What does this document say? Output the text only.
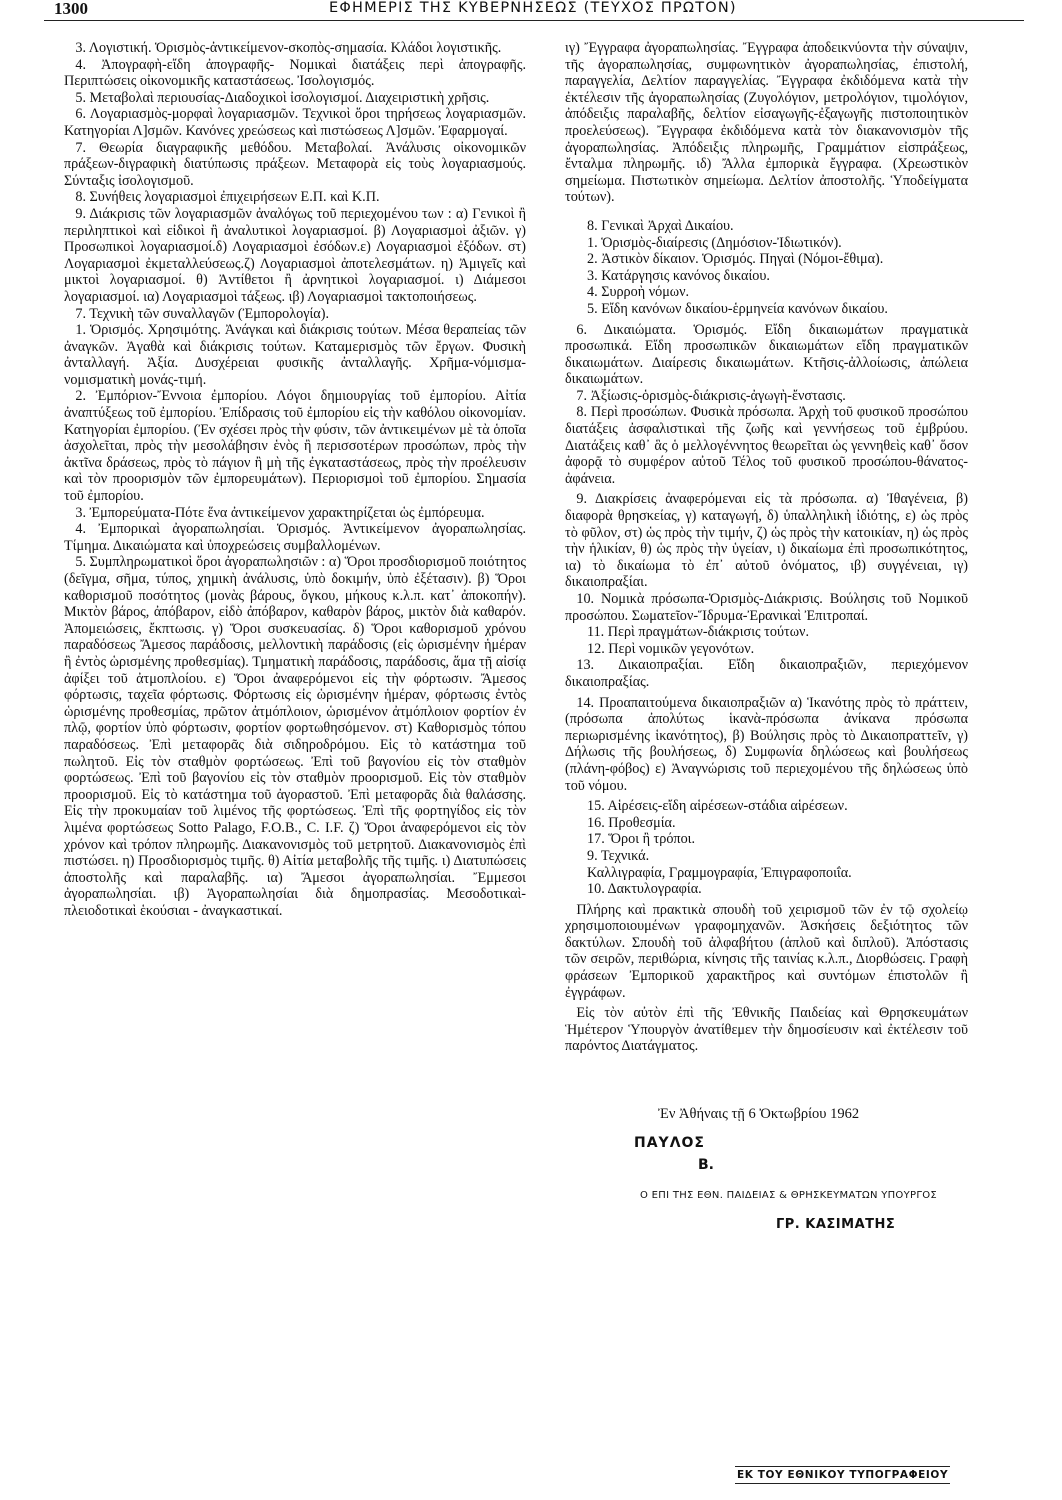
1300	ΕΦΗΜΕΡΙΣ ΤΗΣ ΚΥΒΕΡΝΗΣΕΩΣ (ΤΕΥΧΟΣ ΠΡΩΤΟΝ)

3. Λογιστική. Ὁρισμὸς-ἀντικείμενον-σκοπὸς-σημασία. Κλάδοι λογιστικῆς.

4. Ἀπογραφὴ-εἴδη ἀπογραφῆς- Νομικαὶ διατάξεις περὶ ἀπογραφῆς. Περιπτώσεις οἰκονομικῆς καταστάσεως. Ἰσολογισμός.

5. Μεταβολαὶ περιουσίας-Διαδοχικοὶ ἰσολογισμοί. Διαχειριστικὴ χρῆσις.

6. Λογαριασμὸς-μορφαὶ λογαριασμῶν. Τεχνικοὶ ὅροι τηρήσεως λογαριασμῶν. Κατηγορίαι Λ]σμῶν. Κανόνες χρεώσεως καὶ πιστώσεως Λ]σμῶν. Ἐφαρμογαί.

7. Θεωρία διαγραφικῆς μεθόδου. Μεταβολαί. Ἀνάλυσις οἰκονομικῶν πράξεων-διγραφικὴ διατύπωσις πράξεων. Μεταφορὰ εἰς τοὺς λογαριασμούς. Σύνταξις ἰσολογισμοῦ.

8. Συνήθεις λογαριασμοὶ ἐπιχειρήσεων Ε.Π. καὶ Κ.Π.

9. Διάκρισις τῶν λογαριασμῶν ἀναλόγως τοῦ περιεχομένου των : α) Γενικοὶ ἢ περιληπτικοὶ καὶ εἰδικοὶ ἢ ἀναλυτικοὶ λογαριασμοί. β) Λογαριασμοὶ ἀξιῶν. γ) Προσωπικοὶ λογαριασμοί.δ) Λογαριασμοὶ ἐσόδων.ε) Λογαριασμοὶ ἐξόδων. στ) Λογαριασμοὶ ἐκμεταλλεύσεως.ζ) Λογαριασμοὶ ἀποτελεσμάτων. η) Ἀμιγεῖς καὶ μικτοὶ λογαριασμοί. θ) Ἀντίθετοι ἢ ἀρνητικοὶ λογαριασμοί. ι) Διάμεσοι λογαριασμοί. ια) Λογαριασμοὶ τάξεως. ιβ) Λογαριασμοὶ τακτοποιήσεως.

7. Τεχνικὴ τῶν συναλλαγῶν (Ἐμπορολογία).

1. Ὁρισμός. Χρησιμότης. Ἀνάγκαι καὶ διάκρισις τούτων. Μέσα θεραπείας τῶν ἀναγκῶν. Ἀγαθὰ καὶ διάκρισις τούτων. Καταμερισμὸς τῶν ἔργων. Φυσικὴ ἀνταλλαγή. Ἀξία. Δυσχέρειαι φυσικῆς ἀνταλλαγῆς. Χρῆμα-νόμισμα-νομισματικὴ μονάς-τιμή.

2. Ἐμπόριον-Ἔννοια ἐμπορίου. Λόγοι δημιουργίας τοῦ ἐμπορίου. Αἰτία ἀναπτύξεως τοῦ ἐμπορίου. Ἐπίδρασις τοῦ ἐμπορίου εἰς τὴν καθόλου οἰκονομίαν. Κατηγορίαι ἐμπορίου. (Ἐν σχέσει πρὸς τὴν φύσιν, τῶν ἀντικειμένων μὲ τὰ ὁποῖα ἀσχολεῖται, πρὸς τὴν μεσολάβησιν ἑνὸς ἢ περισσοτέρων προσώπων, πρὸς τὴν ἀκτῖνα δράσεως, πρὸς τὸ πάγιον ἢ μὴ τῆς ἐγκαταστάσεως, πρὸς τὴν προέλευσιν καὶ τὸν προορισμὸν τῶν ἐμπορευμάτων). Περιορισμοὶ τοῦ ἐμπορίου. Σημασία τοῦ ἐμπορίου.

3. Ἐμπορεύματα-Πότε ἕνα ἀντικείμενον χαρακτηρίζεται ὡς ἐμπόρευμα.

4. Ἐμπορικαὶ ἀγοραπωλησίαι. Ὁρισμός. Ἀντικείμενον ἀγοραπωλησίας. Τίμημα. Δικαιώματα καὶ ὑποχρεώσεις συμβαλλομένων.

5. Συμπληρωματικοὶ ὅροι ἀγοραπωλησιῶν : α) Ὅροι προσδιορισμοῦ ποιότητος (δεῖγμα, σῆμα, τύπος, χημικὴ ἀνάλυσις, ὑπὸ δοκιμήν, ὑπὸ ἐξέτασιν). β) Ὅροι καθορισμοῦ ποσότητος (μονὰς βάρους, ὄγκου, μήκους κ.λ.π. κατ᾽ ἀποκοπήν). Μικτὸν βάρος, ἀπόβαρον, εἰδὸ ἀπόβαρον, καθαρὸν βάρος, μικτὸν διὰ καθαρόν. Ἀπομειώσεις, ἔκπτωσις. γ) Ὅροι συσκευασίας. δ) Ὅροι καθορισμοῦ χρόνου παραδόσεως Ἄμεσος παράδοσις, μελλοντικὴ παράδοσις (εἰς ὡρισμένην ἡμέραν ἢ ἐντὸς ὡρισμένης προθεσμίας). Τμηματικὴ παράδοσις, παράδοσις, ἅμα τῇ αἰσίᾳ ἀφίξει τοῦ ἀτμοπλοίου. ε) Ὅροι ἀναφερόμενοι εἰς τὴν φόρτωσιν. Ἄμεσος φόρτωσις, ταχεῖα φόρτωσις. Φόρτωσις εἰς ὡρισμένην ἡμέραν, φόρτωσις ἐντὸς ὡρισμένης προθεσμίας, πρῶτον ἀτμόπλοιον, ὡρισμένον ἀτμόπλοιον φορτίον ἐν πλῷ, φορτίον ὑπὸ φόρτωσιν, φορτίον φορτωθησόμενον. στ) Καθορισμὸς τόπου παραδόσεως. Ἐπὶ μεταφορᾶς διὰ σιδηροδρόμου. Εἰς τὸ κατάστημα τοῦ πωλητοῦ. Εἰς τὸν σταθμὸν φορτώσεως. Ἐπὶ τοῦ βαγονίου εἰς τὸν σταθμὸν φορτώσεως. Ἐπὶ τοῦ βαγονίου εἰς τὸν σταθμὸν προορισμοῦ. Εἰς τὸν σταθμὸν προορισμοῦ. Εἰς τὸ κατάστημα τοῦ ἀγοραστοῦ. Ἐπὶ μεταφορᾶς διὰ θαλάσσης. Εἰς τὴν προκυμαίαν τοῦ λιμένος τῆς φορτώσεως. Ἐπὶ τῆς φορτηγίδος εἰς τὸν λιμένα φορτώσεως Sotto Palago, F.O.B., C. I.F. ζ) Ὅροι ἀναφερόμενοι εἰς τὸν χρόνον καὶ τρόπον πληρωμῆς. Διακανονισμὸς τοῦ μετρητοῦ. Διακανονισμὸς ἐπὶ πιστώσει. η) Προσδιορισμὸς τιμῆς. θ) Αἰτία μεταβολῆς τῆς τιμῆς. ι) Διατυπώσεις ἀποστολῆς καὶ παραλαβῆς. ια) Ἄμεσοι ἀγοραπωλησίαι. Ἔμμεσοι ἀγοραπωλησίαι. ιβ) Ἀγοραπωλησίαι διὰ δημοπρασίας. Μεσοδοτικαὶ-πλειοδοτικαὶ ἑκούσιαι - ἀναγκαστικαί.

ιγ) Ἔγγραφα ἀγοραπωλησίας. Ἔγγραφα ἀποδεικνύοντα τὴν σύναψιν, τῆς ἀγοραπωλησίας, συμφωνητικὸν ἀγοραπωλησίας, ἐπιστολή, παραγγελία, Δελτίον παραγγελίας. Ἔγγραφα ἐκδιδόμενα κατὰ τὴν ἐκτέλεσιν τῆς ἀγοραπωλησίας (Ζυγολόγιον, μετρολόγιον, τιμολόγιον, ἀπόδειξις παραλαβῆς, δελτίον εἰσαγωγῆς-ἐξαγωγῆς πιστοποιητικὸν προελεύσεως). Ἔγγραφα ἐκδιδόμενα κατὰ τὸν διακανονισμὸν τῆς ἀγοραπωλησίας. Ἀπόδειξις πληρωμῆς, Γραμμάτιον εἰσπράξεως, ἔνταλμα πληρωμῆς. ιδ) Ἄλλα ἐμπορικὰ ἔγγραφα. (Χρεωστικὸν σημείωμα. Πιστωτικὸν σημείωμα. Δελτίον ἀποστολῆς. Ὑποδείγματα τούτων).

8. Γενικαὶ Ἀρχαὶ Δικαίου.

1. Ὁρισμὸς-διαίρεσις (Δημόσιον-Ἰδιωτικόν).

2. Ἀστικὸν δίκαιον. Ὁρισμός. Πηγαὶ (Νόμοι-ἔθιμα).

3. Κατάργησις κανόνος δικαίου.

4. Συρροὴ νόμων.

5. Εἴδη κανόνων δικαίου-ἑρμηνεία κανόνων δικαίου.

6. Δικαιώματα. Ὁρισμός. Εἴδη δικαιωμάτων πραγματικὰ προσωπικά. Εἴδη προσωπικῶν δικαιωμάτων εἴδη πραγματικῶν δικαιωμάτων. Διαίρεσις δικαιωμάτων. Κτῆσις-ἀλλοίωσις, ἀπώλεια δικαιωμάτων.

7. Ἀξίωσις-ὁρισμὸς-διάκρισις-ἀγωγὴ-ἔνστασις.

8. Περὶ προσώπων. Φυσικὰ πρόσωπα. Ἀρχὴ τοῦ φυσικοῦ προσώπου διατάξεις ἀσφαλιστικαὶ τῆς ζωῆς καὶ γεννήσεως τοῦ ἐμβρύου. Διατάξεις καθ᾽ ἃς ὁ μελλογέννητος θεωρεῖται ὡς γεννηθεὶς καθ᾽ ὅσον ἀφορᾷ τὸ συμφέρον αὐτοῦ Τέλος τοῦ φυσικοῦ προσώπου-θάνατος-ἀφάνεια.

9. Διακρίσεις ἀναφερόμεναι εἰς τὰ πρόσωπα. α) Ἰθαγένεια, β) διαφορὰ θρησκείας, γ) καταγωγή, δ) ὑπαλληλικὴ ἰδιότης, ε) ὡς πρὸς τὸ φῦλον, στ) ὡς πρὸς τὴν τιμήν, ζ) ὡς πρὸς τὴν κατοικίαν, η) ὡς πρὸς τὴν ἡλικίαν, θ) ὡς πρὸς τὴν ὑγείαν, ι) δικαίωμα ἐπὶ προσωπικότητος, ια) τὸ δικαίωμα τὸ ἐπ᾽ αὐτοῦ ὀνόματος, ιβ) συγγένειαι, ιγ) δικαιοπραξίαι.

10. Νομικὰ πρόσωπα-Ὁρισμὸς-Διάκρισις. Βούλησις τοῦ Νομικοῦ προσώπου. Σωματεῖον-Ἵδρυμα-Ἐρανικαὶ Ἐπιτροπαί.

11. Περὶ πραγμάτων-διάκρισις τούτων.

12. Περὶ νομικῶν γεγονότων.

13. Δικαιοπραξίαι. Εἴδη δικαιοπραξιῶν, περιεχόμενον δικαιοπραξίας.

14. Προαπαιτούμενα δικαιοπραξιῶν α) Ἱκανότης πρὸς τὸ πράττειν, (πρόσωπα ἀπολύτως ἱκανὰ-πρόσωπα ἀνίκανα πρόσωπα περιωρισμένης ἱκανότητος), β) Βούλησις πρὸς τὸ Δικαιοπραττεῖν, γ) Δήλωσις τῆς βουλήσεως, δ) Συμφωνία δηλώσεως καὶ βουλήσεως (πλάνη-φόβος) ε) Ἀναγνώρισις τοῦ περιεχομένου τῆς δηλώσεως ὑπὸ τοῦ νόμου.

15. Αἱρέσεις-εἴδη αἱρέσεων-στάδια αἱρέσεων.

16. Προθεσμία.

17. Ὅροι ἢ τρόποι.

9. Τεχνικά.

Καλλιγραφία, Γραμμογραφία, Ἐπιγραφοποιΐα.

10. Δακτυλογραφία.

Πλήρης καὶ πρακτικὰ σπουδὴ τοῦ χειρισμοῦ τῶν ἐν τῷ σχολείῳ χρησιμοποιουμένων γραφομηχανῶν. Ἀσκήσεις δεξιότητος τῶν δακτύλων. Σπουδὴ τοῦ ἀλφαβήτου (ἁπλοῦ καὶ διπλοῦ). Ἀπόστασις τῶν σειρῶν, περιθώρια, κίνησις τῆς ταινίας κ.λ.π., Διορθώσεις. Γραφὴ φράσεων Ἐμπορικοῦ χαρακτῆρος καὶ συντόμων ἐπιστολῶν ἢ ἐγγράφων.

Εἰς τὸν αὐτὸν ἐπὶ τῆς Ἐθνικῆς Παιδείας καὶ Θρησκευμάτων Ἡμέτερον Ὑπουργὸν ἀνατίθεμεν τὴν δημοσίευσιν καὶ ἐκτέλεσιν τοῦ παρόντος Διατάγματος.

Ἐν Ἀθήναις τῇ 6 Ὀκτωβρίου 1962
ΠΑΥΛΟΣ
Β.
Ο ΕΠΙ ΤΗΣ ΕΘΝ. ΠΑΙΔΕΙΑΣ & ΘΡΗΣΚΕΥΜΑΤΩΝ ΥΠΟΥΡΓΟΣ
ΓΡ. ΚΑΣΙΜΑΤΗΣ
ΕΚ ΤΟΥ ΕΘΝΙΚΟΥ ΤΥΠΟΓΡΑΦΕΙΟΥ
